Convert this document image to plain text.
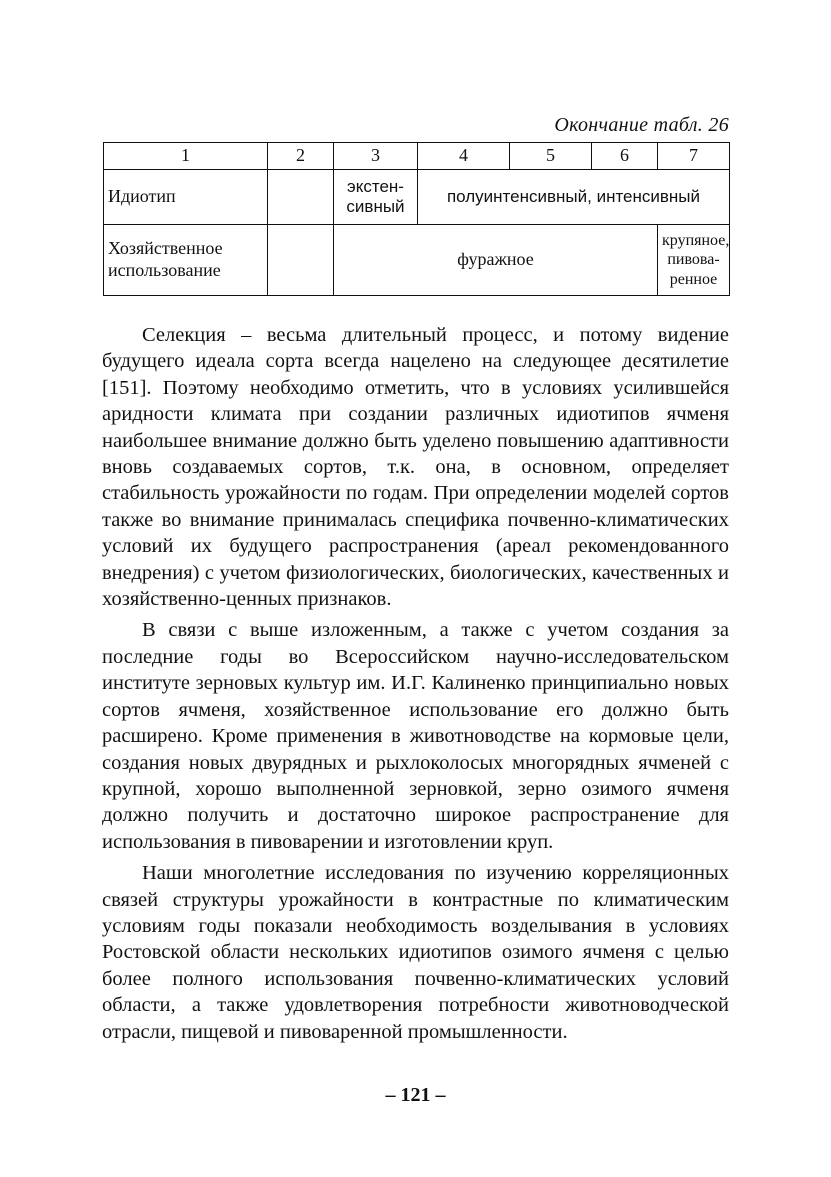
Окончание табл. 26
1	2	3	4	5	6	7
Идиотип		экстен-сивный	полуинтенсивный, интенсивный			
Хозяйственное использование		фуражное				крупяное, пивова-ренное

Селекция – весьма длительный процесс, и потому видение будущего идеала сорта всегда нацелено на следующее десятилетие [151]. Поэтому необходимо отметить, что в условиях усилившейся аридности климата при создании различных идиотипов ячменя наибольшее внимание должно быть уделено повышению адаптивности вновь создаваемых сортов, т.к. она, в основном, определяет стабильность урожайности по годам. При определении моделей сортов также во внимание принималась специфика почвенно-климатических условий их будущего распространения (ареал рекомендованного внедрения) с учетом физиологических, биологических, качественных и хозяйственно-ценных признаков.

В связи с выше изложенным, а также с учетом создания за последние годы во Всероссийском научно-исследовательском институте зерновых культур им. И.Г. Калиненко принципиально новых сортов ячменя, хозяйственное использование его должно быть расширено. Кроме применения в животноводстве на кормовые цели, создания новых двурядных и рыхлоколосых многорядных ячменей с крупной, хорошо выполненной зерновкой, зерно озимого ячменя должно получить и достаточно широкое распространение для использования в пивоварении и изготовлении круп.

Наши многолетние исследования по изучению корреляционных связей структуры урожайности в контрастные по климатическим условиям годы показали необходимость возделывания в условиях Ростовской области нескольких идиотипов озимого ячменя с целью более полного использования почвенно-климатических условий области, а также удовлетворения потребности животноводческой отрасли, пищевой и пивоваренной промышленности.

– 121 –
